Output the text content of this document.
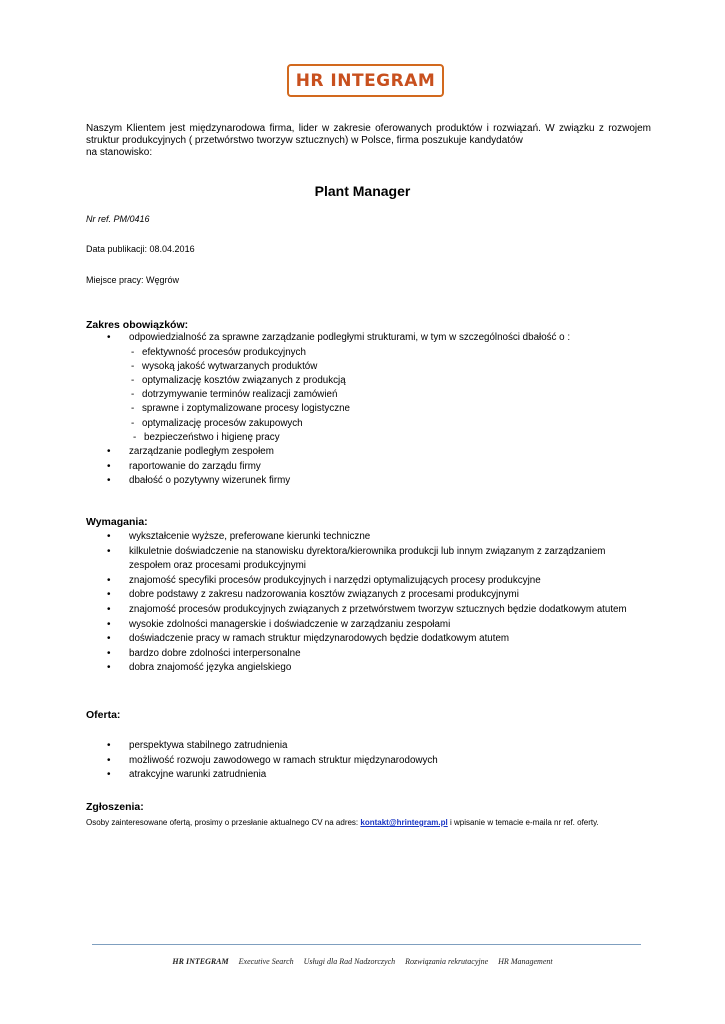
HR INTEGRAM

Naszym Klientem jest międzynarodowa firma, lider w zakresie oferowanych produktów i rozwiązań. W związku z rozwojem

struktur produkcyjnych ( przetwórstwo tworzyw sztucznych) w Polsce, firma poszukuje kandydatów

na stanowisko:

Plant Manager
Nr ref. PM/0416
Data publikacji: 08.04.2016
Miejsce pracy: Węgrów
Zakres obowiązków:
• odpowiedzialność za sprawne zarządzanie podległymi strukturami, w tym w szczególności dbałość o :
- efektywność procesów produkcyjnych
- wysoką jakość wytwarzanych produktów
- optymalizację kosztów związanych z produkcją
- dotrzymywanie terminów realizacji zamówień
- sprawne i zoptymalizowane procesy logistyczne
- optymalizację procesów zakupowych
- bezpieczeństwo i higienę pracy
• zarządzanie podległym zespołem
• raportowanie do zarządu firmy
• dbałość o pozytywny wizerunek firmy
Wymagania:
• wykształcenie wyższe, preferowane kierunki techniczne
• kilkuletnie doświadczenie na stanowisku dyrektora/kierownika produkcji lub innym związanym z zarządzaniem
zespołem oraz procesami produkcyjnymi
• znajomość specyfiki procesów produkcyjnych i narzędzi optymalizujących procesy produkcyjne
• dobre podstawy z zakresu nadzorowania kosztów związanych z procesami produkcyjnymi
• znajomość procesów produkcyjnych związanych z przetwórstwem tworzyw sztucznych będzie dodatkowym atutem
• wysokie zdolności managerskie i doświadczenie w zarządzaniu zespołami
• doświadczenie pracy w ramach struktur międzynarodowych będzie dodatkowym atutem
• bardzo dobre zdolności interpersonalne
• dobra znajomość języka angielskiego
Oferta:
• perspektywa stabilnego zatrudnienia
• możliwość rozwoju zawodowego w ramach struktur międzynarodowych
• atrakcyjne warunki zatrudnienia
Zgłoszenia:
Osoby zainteresowane ofertą, prosimy o przesłanie aktualnego CV na adres: kontakt@hrintegram.pl i wpisanie w temacie e-maila nr ref. oferty.
HR INTEGRAM Executive Search Usługi dla Rad Nadzorczych Rozwiązania rekrutacyjne HR Management
